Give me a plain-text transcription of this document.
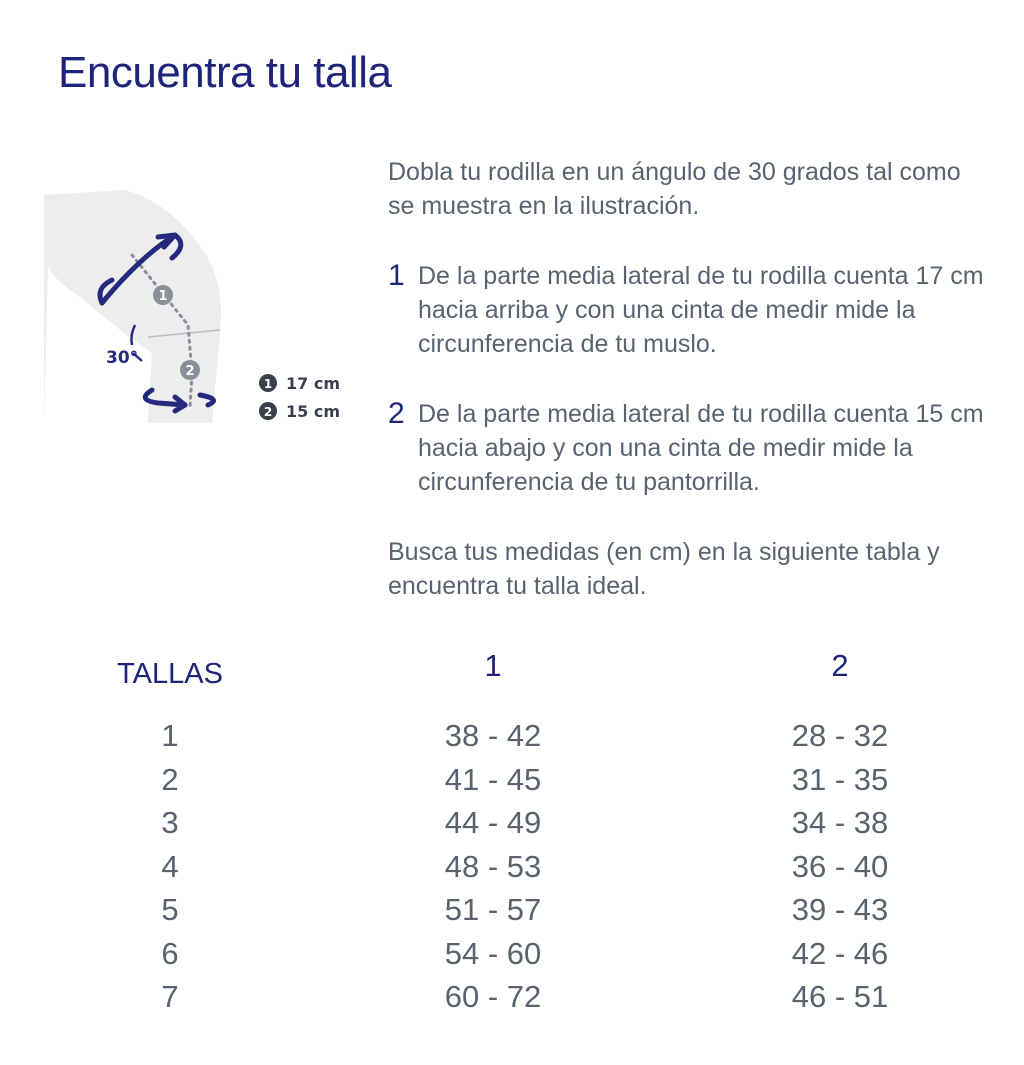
Encuentra tu talla
30°
1
2
1 17 cm
2 15 cm

Dobla tu rodilla en un ángulo de 30 grados tal como se muestra en la ilustración.

1 De la parte media lateral de tu rodilla cuenta 17 cm hacia arriba y con una cinta de medir mide la circunferencia de tu muslo.
2 De la parte media lateral de tu rodilla cuenta 15 cm hacia abajo y con una cinta de medir mide la circunferencia de tu pantorrilla.

Busca tus medidas (en cm) en la siguiente tabla y encuentra tu talla ideal.

TALLAS	1	2
1	38 - 42	28 - 32
2	41 - 45	31 - 35
3	44 - 49	34 - 38
4	48 - 53	36 - 40
5	51 - 57	39 - 43
6	54 - 60	42 - 46
7	60 - 72	46 - 51
